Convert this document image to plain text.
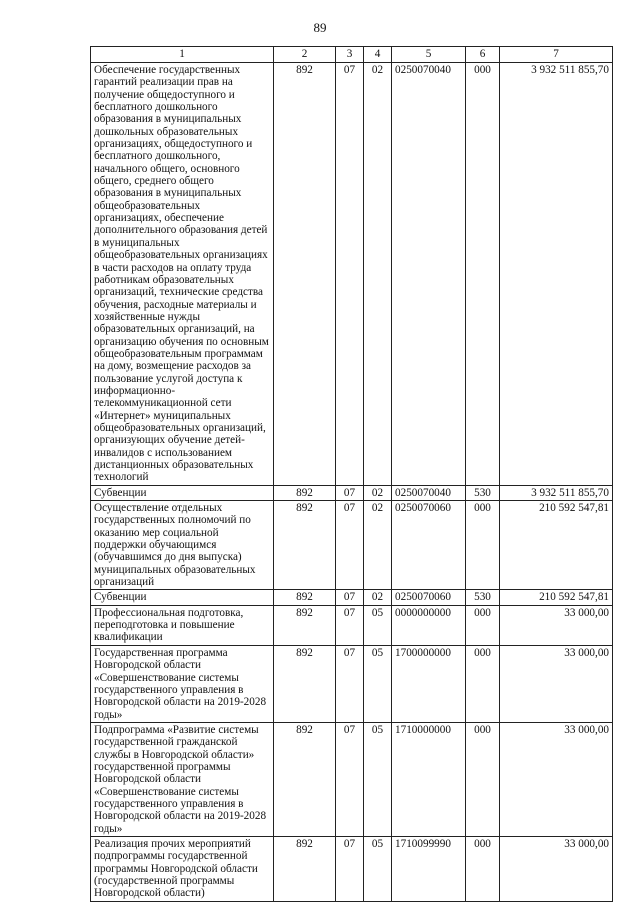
89
1	2	3	4	5	6	7
Обеспечение государственных гарантий реализации прав на получение общедоступного и бесплатного дошкольного образования в муниципальных дошкольных образовательных организациях, общедоступного и бесплатного дошкольного, начального общего, основного общего, среднего общего образования в муниципальных общеобразовательных организациях, обеспечение дополнительного образования детей в муниципальных общеобразовательных организациях в части расходов на оплату труда работникам образовательных организаций, технические средства обучения, расходные материалы и хозяйственные нужды образовательных организаций, на организацию обучения по основным общеобразовательным программам на дому, возмещение расходов за пользование услугой доступа к информационно-телекоммуникационной сети «Интернет» муниципальных общеобразовательных организаций, организующих обучение детей-инвалидов с использованием дистанционных образовательных технологий	892	07	02	0250070040	000	3 932 511 855,70
Субвенции	892	07	02	0250070040	530	3 932 511 855,70
Осуществление отдельных государственных полномочий по оказанию мер социальной поддержки обучающимся (обучавшимся до дня выпуска) муниципальных образовательных организаций	892	07	02	0250070060	000	210 592 547,81
Субвенции	892	07	02	0250070060	530	210 592 547,81
Профессиональная подготовка, переподготовка и повышение квалификации	892	07	05	0000000000	000	33 000,00
Государственная программа Новгородской области «Совершенствование системы государственного управления в Новгородской области на 2019-2028 годы»	892	07	05	1700000000	000	33 000,00
Подпрограмма «Развитие системы государственной гражданской службы в Новгородской области» государственной программы Новгородской области «Совершенствование системы государственного управления в Новгородской области на 2019-2028 годы»	892	07	05	1710000000	000	33 000,00
Реализация прочих мероприятий подпрограммы государственной программы Новгородской области (государственной программы Новгородской области)	892	07	05	1710099990	000	33 000,00
